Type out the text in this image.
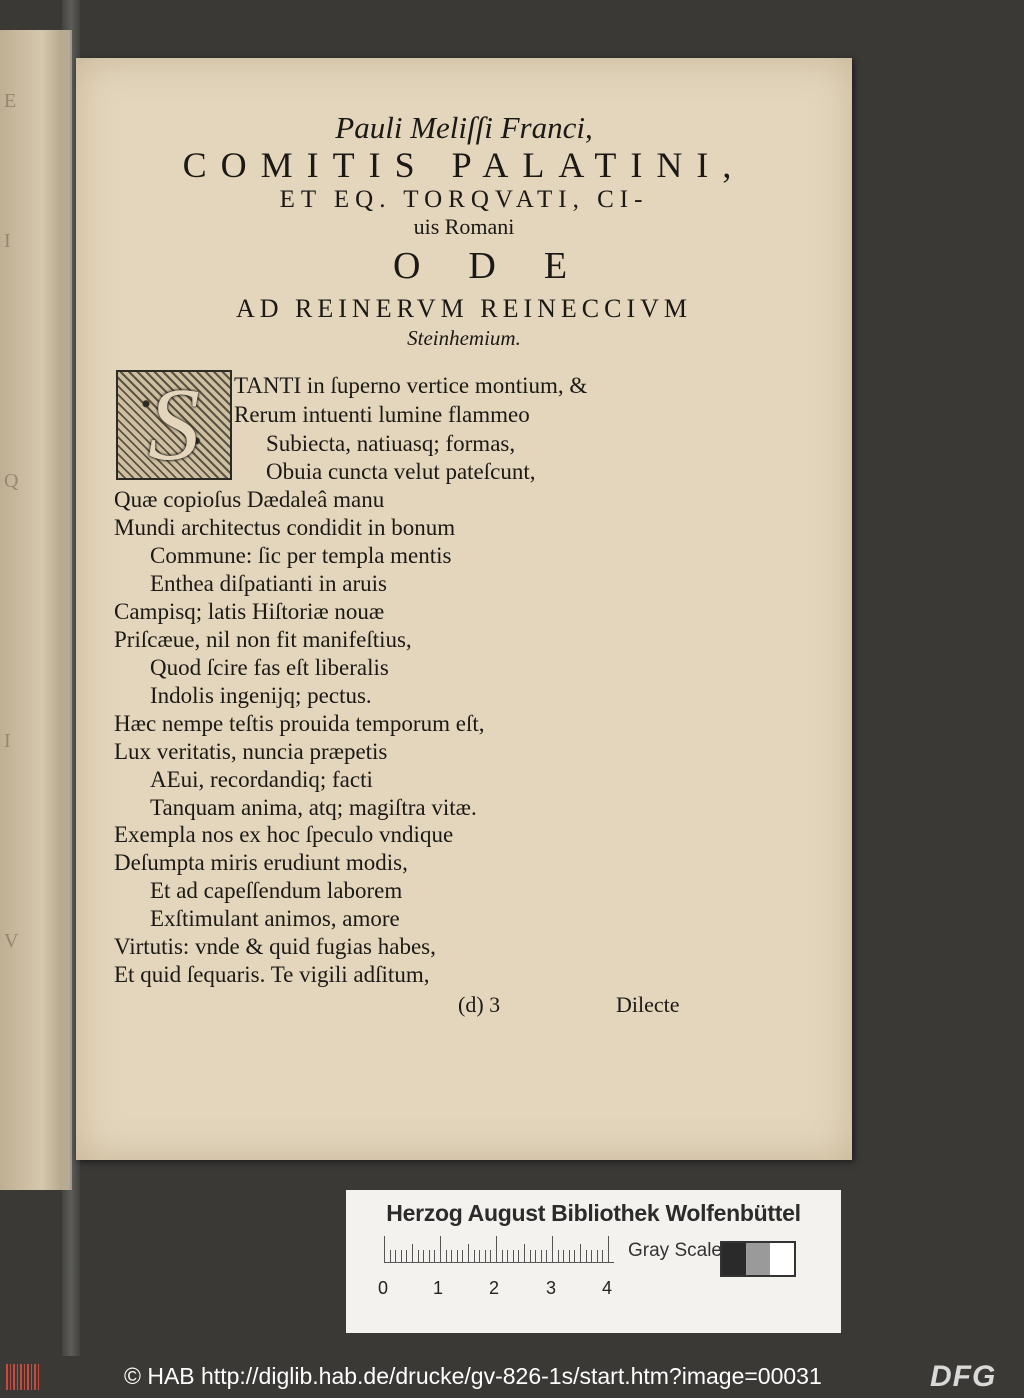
E
I
Q
I
V
Pauli Meliſſi Franci,
COMITIS PALATINI,
ET EQ. TORQVATI, CI-
uis Romani
ODE
AD REINERVM REINECCIVM
Steinhemium.
S TANTI in ſuperno vertice montium, &
Rerum intuenti lumine flammeo
Subiecta, natiuasq; formas,
Obuia cuncta velut pateſcunt,
Quæ copioſus Dædaleâ manu
Mundi architectus condidit in bonum
Commune: ſic per templa mentis
Enthea diſpatianti in aruis
Campisq; latis Hiſtoriæ nouæ
Priſcæue, nil non fit manifeſtius,
Quod ſcire fas eſt liberalis
Indolis ingenijq; pectus.
Hæc nempe teſtis prouida temporum eſt,
Lux veritatis, nuncia præpetis
AEui, recordandiq; facti
Tanquam anima, atq; magiſtra vitæ.
Exempla nos ex hoc ſpeculo vndique
Deſumpta miris erudiunt modis,
Et ad capeſſendum laborem
Exſtimulant animos, amore
Virtutis: vnde & quid fugias habes,
Et quid ſequaris. Te vigili adſitum,
(d) 3	Dilecte
Herzog August Bibliothek Wolfenbüttel
0 1	2	3	4
Gray Scale
© HAB http://diglib.hab.de/drucke/gv-826-1s/start.htm?image=00031	DFG
